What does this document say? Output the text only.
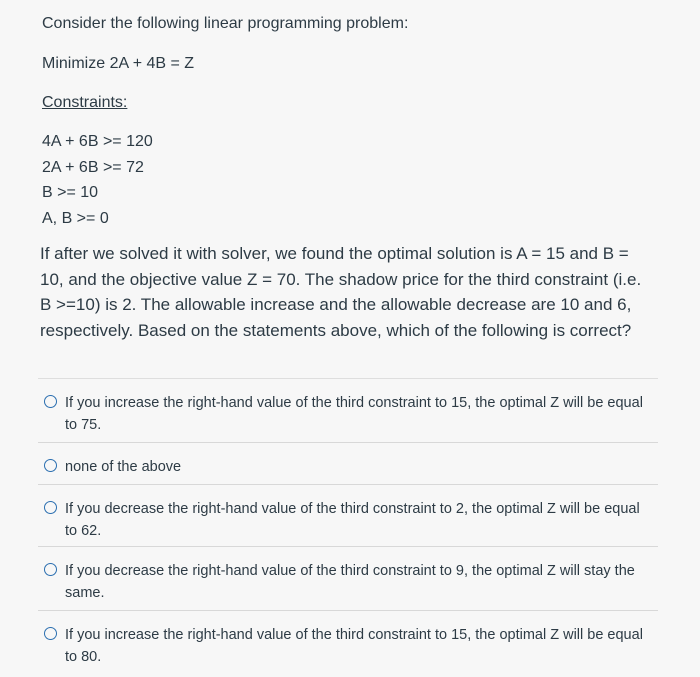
Consider the following linear programming problem:
Minimize 2A + 4B = Z
Constraints:
4A + 6B >= 120
2A + 6B >= 72
B >= 10
A, B >= 0
If after we solved it with solver, we found the optimal solution is A = 15 and B = 10, and the objective value Z = 70. The shadow price for the third constraint (i.e. B >=10) is 2. The allowable increase and the allowable decrease are 10 and 6, respectively. Based on the statements above, which of the following is correct?
If you increase the right-hand value of the third constraint to 15, the optimal Z will be equal to 75.
none of the above
If you decrease the right-hand value of the third constraint to 2, the optimal Z will be equal to 62.
If you decrease the right-hand value of the third constraint to 9, the optimal Z will stay the same.
If you increase the right-hand value of the third constraint to 15, the optimal Z will be equal to 80.
